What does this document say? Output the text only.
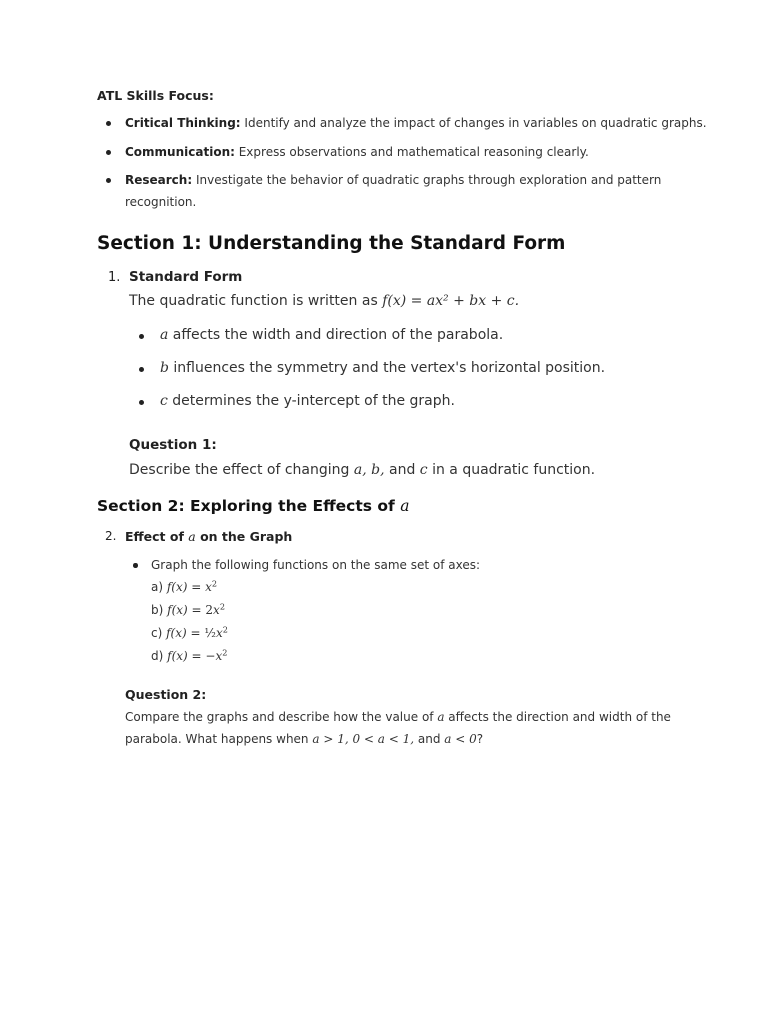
ATL Skills Focus:
Critical Thinking: Identify and analyze the impact of changes in variables on quadratic graphs.
Communication: Express observations and mathematical reasoning clearly.
Research: Investigate the behavior of quadratic graphs through exploration and pattern
recognition.
Section 1: Understanding the Standard Form
1. Standard Form
The quadratic function is written as f(x) = ax² + bx + c.
a affects the width and direction of the parabola.
b influences the symmetry and the vertex's horizontal position.
c determines the y-intercept of the graph.
Question 1:
Describe the effect of changing a, b, and c in a quadratic function.
Section 2: Exploring the Effects of a
2. Effect of a on the Graph
Graph the following functions on the same set of axes:
a) $f(x) = x^2$
b) $f(x) = 2x^2$
c) $f(x) = \frac{1}{2}x^2$
d) $f(x) = -x^2$
Question 2:
Compare the graphs and describe how the value of a affects the direction and width of the
parabola. What happens when a > 1, 0 < a < 1, and a < 0?
